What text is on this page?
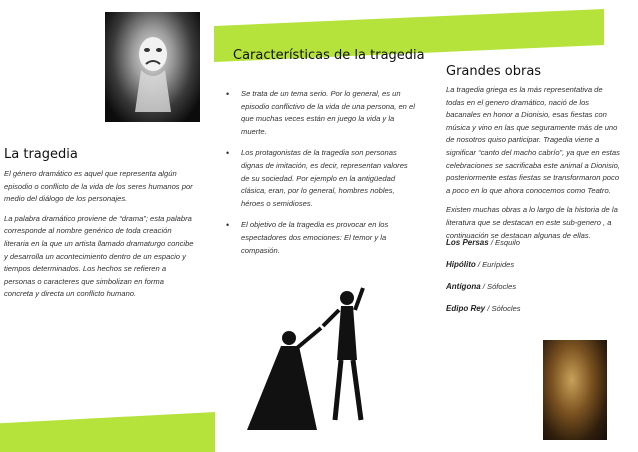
La tragedia

El género dramático es aquel que representa algún episodio o conflicto de la vida de los seres humanos por medio del diálogo de los personajes.

La palabra dramático proviene de “drama”; esta palabra corresponde al nombre genérico de toda creación literaria en la que un artista llamado dramaturgo concibe y desarrolla un acontecimiento dentro de un espacio y tiempos determinados. Los hechos se refieren a personas o caracteres que simbolizan en forma concreta y directa un conflicto humano.

Características de la tragedia
• Se trata de un tema serio. Por lo general, es un episodio conflictivo de la vida de una persona, en el que muchas veces están en juego la vida y la muerte.
• Los protagonistas de la tragedia son personas dignas de imitación, es decir, representan valores de su sociedad. Por ejemplo en la antigüedad clásica, eran, por lo general, hombres nobles, héroes o semidioses.
• El objetivo de la tragedia es provocar en los espectadores dos emociones: El temor y la compasión.
Grandes obras

La tragedia griega es la más representativa de todas en el genero dramático, nació de los bacanales en honor a Dionisio, esas fiestas con música y vino en las que seguramente más de uno de nosotros quiso participar. Tragedia viene a significar “canto del macho cabrío”, ya que en estas celebraciones se sacrificaba este animal a Dionisio, posteriormente estas fiestas se transformaron poco a poco en lo que ahora conocemos como Teatro.

Existen muchas obras a lo largo de la historia de la literatura que se destacan en este sub-genero , a continuación se destacan algunas de ellas.

Los Persas / Esquilo
Hipólito / Eurípides
Antígona / Sófocles
Edipo Rey / Sófocles
